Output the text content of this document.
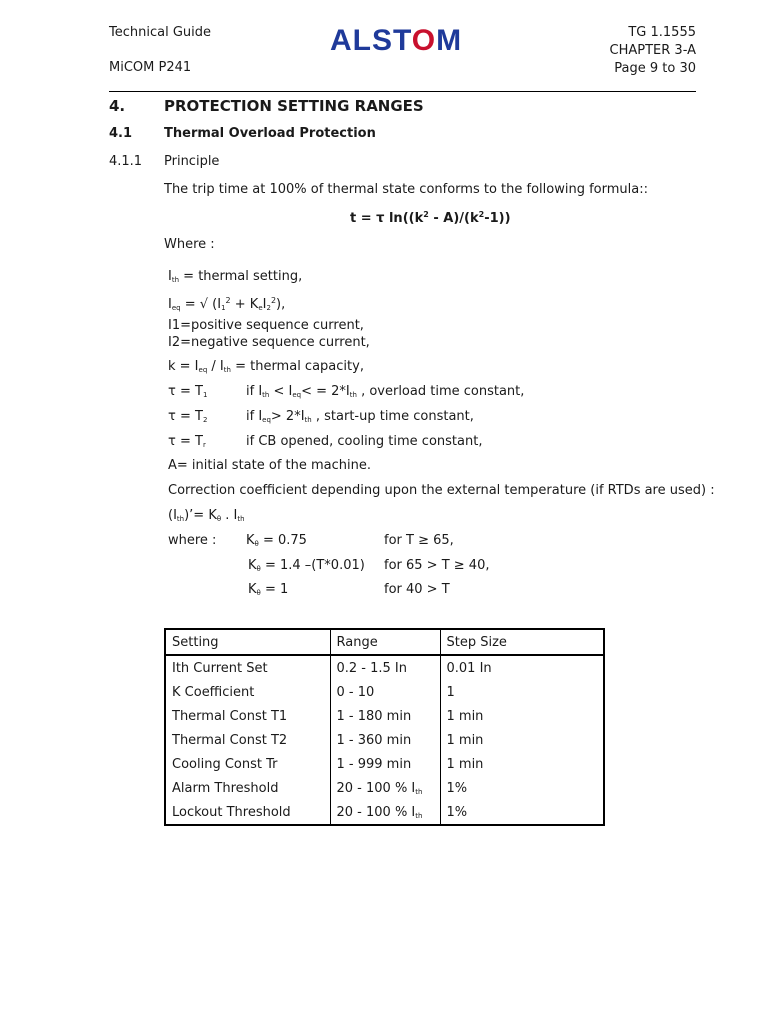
Technical Guide
MiCOM P241
ALSTOM	TG 1.1555
CHAPTER 3-A
Page 9 to 30
4.	PROTECTION SETTING RANGES
4.1 Thermal Overload Protection
4.1.1 Principle
The trip time at 100% of thermal state conforms to the following formula::
t = τ $\ln((k^2 - A)/(k^2-1))$
Where :
$I_{th}$ = thermal setting,
$I_{eq}$ = √ $(I_1^2 + K_eI_2^2)$,
I1=positive sequence current,
I2=negative sequence current,
$k = I_{eq} / I_{th}$ = thermal capacity,
$\tau = T_1$	if $I_{th} < I_{eq}< = 2*I_{th}$ , overload time constant,
$\tau = T_2$	if $I_{eq}> 2*I_{th}$ , start-up time constant,
$\tau = T_r$	if CB opened, cooling time constant,
A= initial state of the machine.
Correction coefficient depending upon the external temperature (if RTDs are used) :
$(I_{th})’= K_\theta$ . $I_{th}$
where : $K_\theta = 0.75$	for T ≥ 65,
$K_\theta = 1.4$ –(T*0.01) for 65 > T ≥ 40,
$K_\theta = 1$	for 40 > T
Setting	Range	Step Size
Ith Current Set	0.2 - 1.5 In	0.01 In
K Coefficient	0 - 10	1
Thermal Const T1	1 - 180 min	1 min
Thermal Const T2	1 - 360 min	1 min
Cooling Const Tr	1 - 999 min	1 min
Alarm Threshold	20 - 100 % $I_{th}$	1%
Lockout Threshold	20 - 100 % $I_{th}$	1%
